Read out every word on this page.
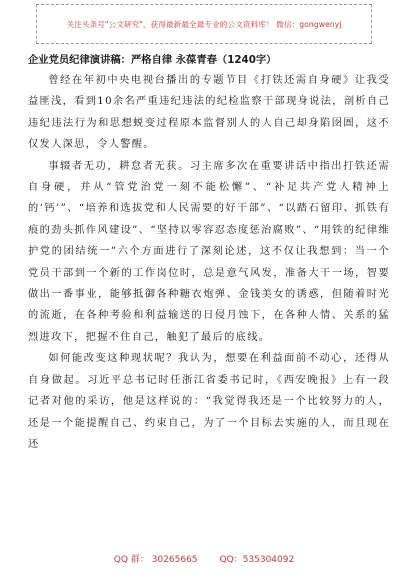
关注头条号"公文研究"，获得最新最全最专业的公文资料库！ 微信：gongwenyj
企业党员纪律演讲稿：严格自律 永葆青春（1240字）

曾经在年初中央电视台播出的专题节目《打铁还需自身硬》让我受益匪浅，看到10余名严重违纪违法的纪检监察干部现身说法，剖析自己违纪违法行为和思想蜕变过程原本监督别人的人自己却身陷囹圄，这不仅发人深思，令人警醒。

事辍者无功，耕怠者无获。习主席多次在重要讲话中指出打铁还需自身硬，并从“管党治党一刻不能松懈”、“补足共产党人精神上的‘钙’”、“培养和选拔党和人民需要的好干部”、“以踏石留印、抓铁有痕的劲头抓作风建设”、“坚持以零容忍态度惩治腐败”、“用铁的纪律维护党的团结统一”六个方面进行了深刻论述，这不仅让我想到：当一个党员干部到一个新的工作岗位时，总是意气风发，准备大干一场，智要做出一番事业，能够抵御各种糖衣炮弹、金钱美女的诱惑，但随着时光的流逝，在各种考验和利益输送的日侵月蚀下，在各种人情、关系的猛烈进攻下，把握不住自己，触犯了最后的底线。

如何能改变这种现状呢？我认为，想要在利益面前不动心，还得从自身做起。习近平总书记时任浙江省委书记时，《西安晚报》上有一段记者对他的采访，他是这样说的：“我觉得我还是一个比较努力的人，还是一个能提醒自己、约束自己，为了一个目标去实施的人，而且现在还

QQ 群： 30265665 QQ：535304092
